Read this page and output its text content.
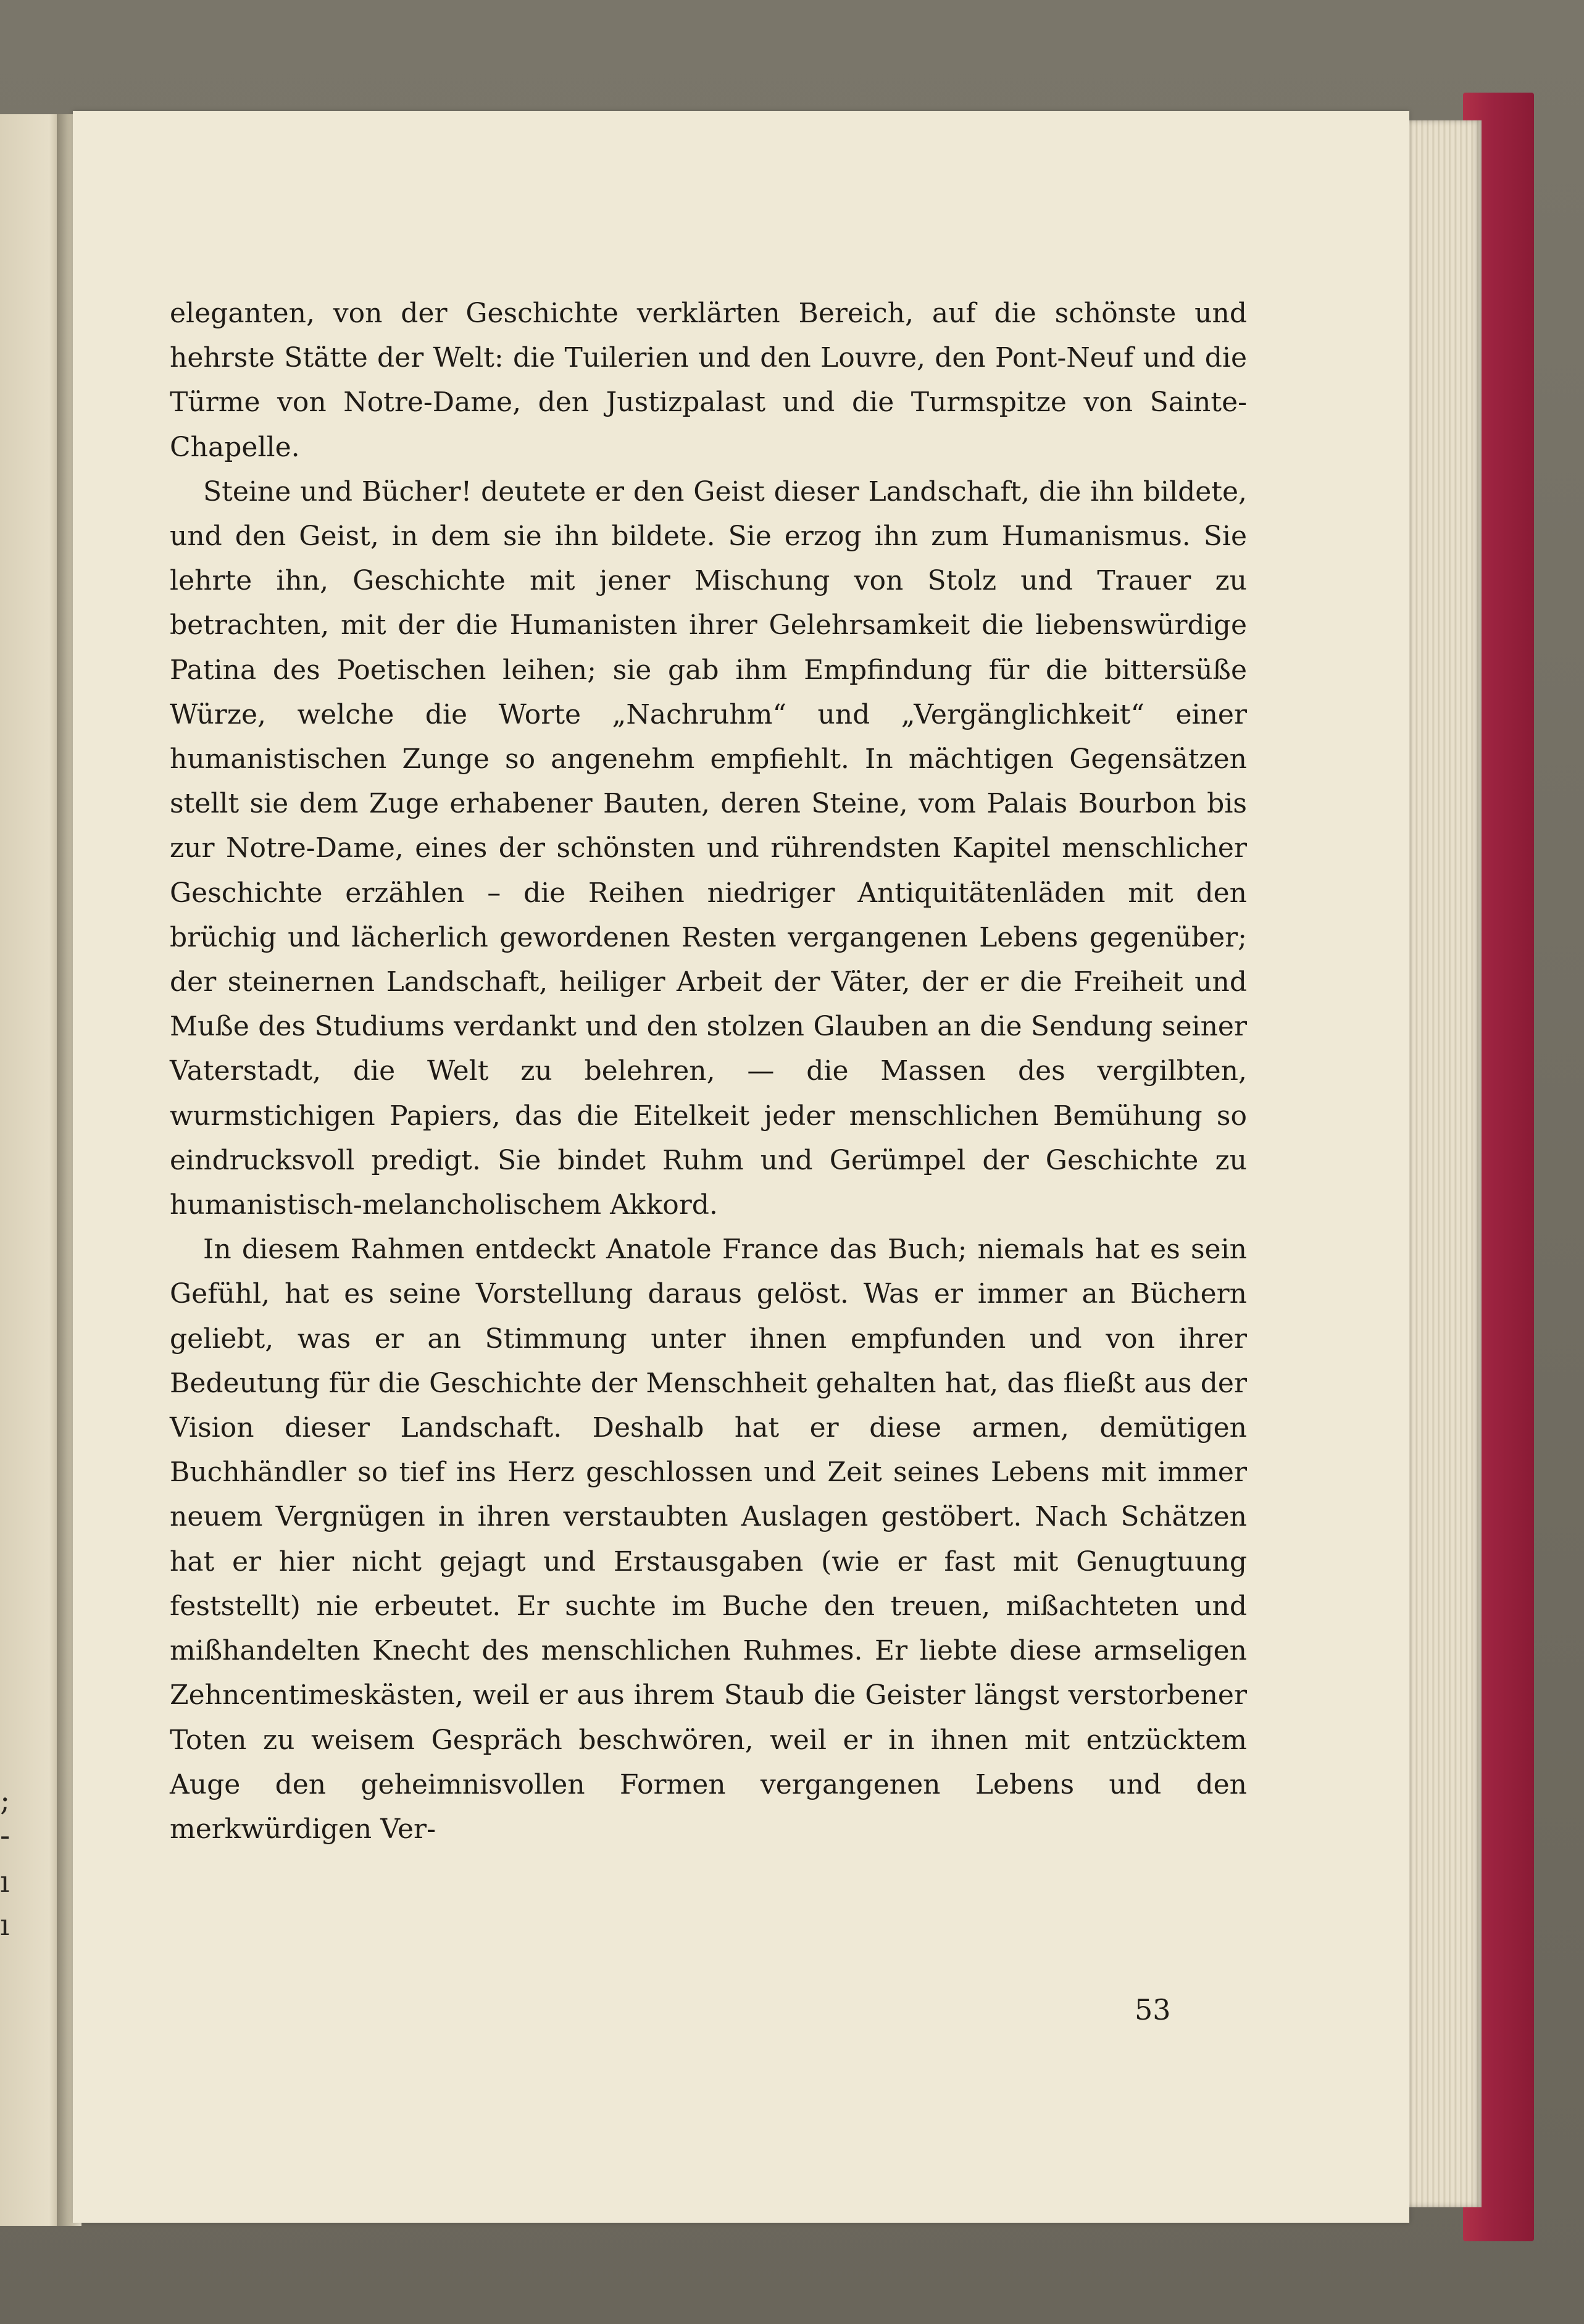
;
-
ı
ı

eleganten, von der Geschichte verklärten Bereich, auf die schönste und hehrste Stätte der Welt: die Tuilerien und den Louvre, den Pont-Neuf und die Türme von Notre-Dame, den Justizpalast und die Turmspitze von Sainte-Chapelle.

Steine und Bücher! deutete er den Geist dieser Landschaft, die ihn bildete, und den Geist, in dem sie ihn bildete. Sie erzog ihn zum Humanismus. Sie lehrte ihn, Geschichte mit jener Mischung von Stolz und Trauer zu betrachten, mit der die Humanisten ihrer Gelehrsamkeit die liebenswürdige Patina des Poetischen leihen; sie gab ihm Empfindung für die bittersüße Würze, welche die Worte „Nachruhm“ und „Vergänglichkeit“ einer humanistischen Zunge so angenehm empfiehlt. In mächtigen Gegensätzen stellt sie dem Zuge erhabener Bauten, deren Steine, vom Palais Bourbon bis zur Notre-Dame, eines der schönsten und rührendsten Kapitel menschlicher Geschichte erzählen – die Reihen niedriger Antiquitätenläden mit den brüchig und lächerlich gewordenen Resten vergangenen Lebens gegenüber; der steinernen Landschaft, heiliger Arbeit der Väter, der er die Freiheit und Muße des Studiums verdankt und den stolzen Glauben an die Sendung seiner Vaterstadt, die Welt zu belehren, — die Massen des vergilbten, wurmstichigen Papiers, das die Eitelkeit jeder menschlichen Bemühung so eindrucksvoll predigt. Sie bindet Ruhm und Gerümpel der Geschichte zu humanistisch-melancholischem Akkord.

In diesem Rahmen entdeckt Anatole France das Buch; niemals hat es sein Gefühl, hat es seine Vorstellung daraus gelöst. Was er immer an Büchern geliebt, was er an Stimmung unter ihnen empfunden und von ihrer Bedeutung für die Geschichte der Menschheit gehalten hat, das fließt aus der Vision dieser Landschaft. Deshalb hat er diese armen, demütigen Buchhändler so tief ins Herz geschlossen und Zeit seines Lebens mit immer neuem Vergnügen in ihren verstaubten Auslagen gestöbert. Nach Schätzen hat er hier nicht gejagt und Erstausgaben (wie er fast mit Genugtuung feststellt) nie erbeutet. Er suchte im Buche den treuen, mißachteten und mißhandelten Knecht des menschlichen Ruhmes. Er liebte diese armseligen Zehncentimeskästen, weil er aus ihrem Staub die Geister längst verstorbener Toten zu weisem Gespräch beschwören, weil er in ihnen mit entzücktem Auge den geheimnisvollen Formen vergangenen Lebens und den merkwürdigen Ver-

53
